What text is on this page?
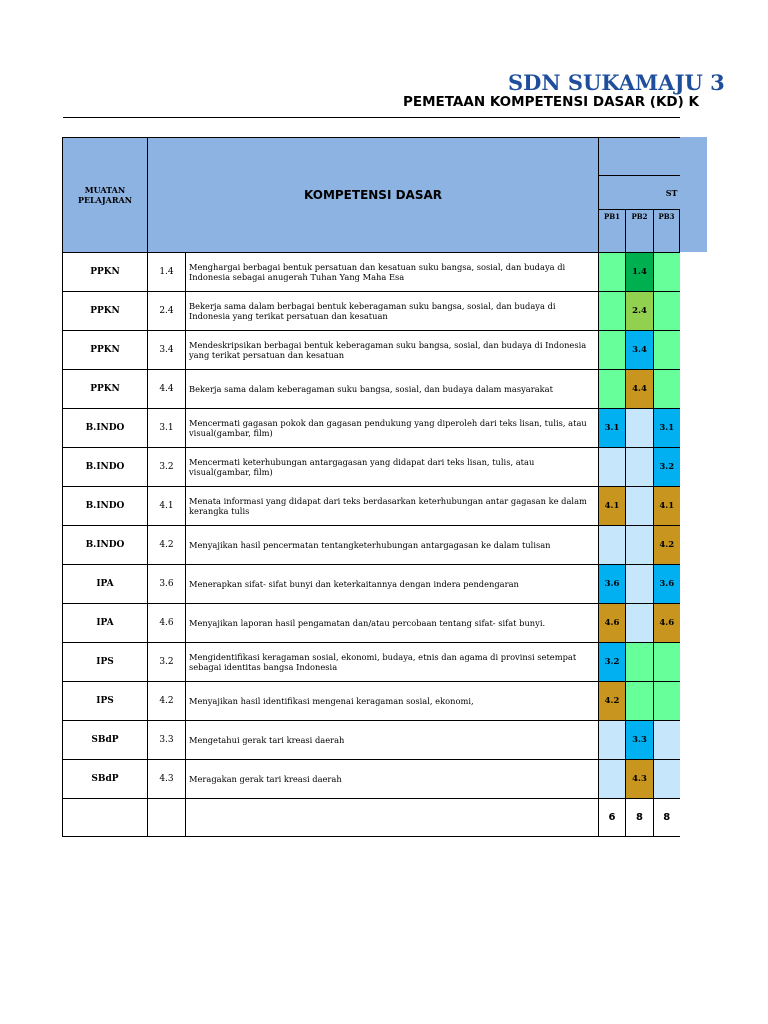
SDN SUKAMAJU 3
PEMETAAN KOMPETENSI DASAR (KD) K
MUATAN PELAJARAN	KOMPETENSI DASAR				
			ST		
			PB1	PB2	PB3
PPKN	1.4	Menghargai berbagai bentuk persatuan dan kesatuan suku bangsa, sosial, dan budaya di Indonesia sebagai anugerah Tuhan Yang Maha Esa		1.4	
PPKN	2.4	Bekerja sama dalam berbagai bentuk keberagaman suku bangsa, sosial, dan budaya di Indonesia yang terikat persatuan dan kesatuan		2.4	
PPKN	3.4	Mendeskripsikan berbagai bentuk keberagaman suku bangsa, sosial, dan budaya di Indonesia yang terikat persatuan dan kesatuan		3.4	
PPKN	4.4	Bekerja sama dalam keberagaman suku bangsa, sosial, dan budaya dalam masyarakat		4.4	
B.INDO	3.1	Mencermati gagasan pokok dan gagasan pendukung yang diperoleh dari teks lisan, tulis, atau visual(gambar, film)	3.1		3.1
B.INDO	3.2	Mencermati keterhubungan antargagasan yang didapat dari teks lisan, tulis, atau visual(gambar, film)			3.2
B.INDO	4.1	Menata informasi yang didapat dari teks berdasarkan keterhubungan antar gagasan ke dalam kerangka tulis	4.1		4.1
B.INDO	4.2	Menyajikan hasil pencermatan tentangketerhubungan antargagasan ke dalam tulisan			4.2
IPA	3.6	Menerapkan sifat- sifat bunyi dan keterkaitannya dengan indera pendengaran	3.6		3.6
IPA	4.6	Menyajikan laporan hasil pengamatan dan/atau percobaan tentang sifat- sifat bunyi.	4.6		4.6
IPS	3.2	Mengidentifikasi keragaman sosial, ekonomi, budaya, etnis dan agama di provinsi setempat sebagai identitas bangsa Indonesia	3.2		
IPS	4.2	Menyajikan hasil identifikasi mengenai keragaman sosial, ekonomi,	4.2		
SBdP	3.3	Mengetahui gerak tari kreasi daerah		3.3	
SBdP	4.3	Meragakan gerak tari kreasi daerah		4.3	
			6	8	8
